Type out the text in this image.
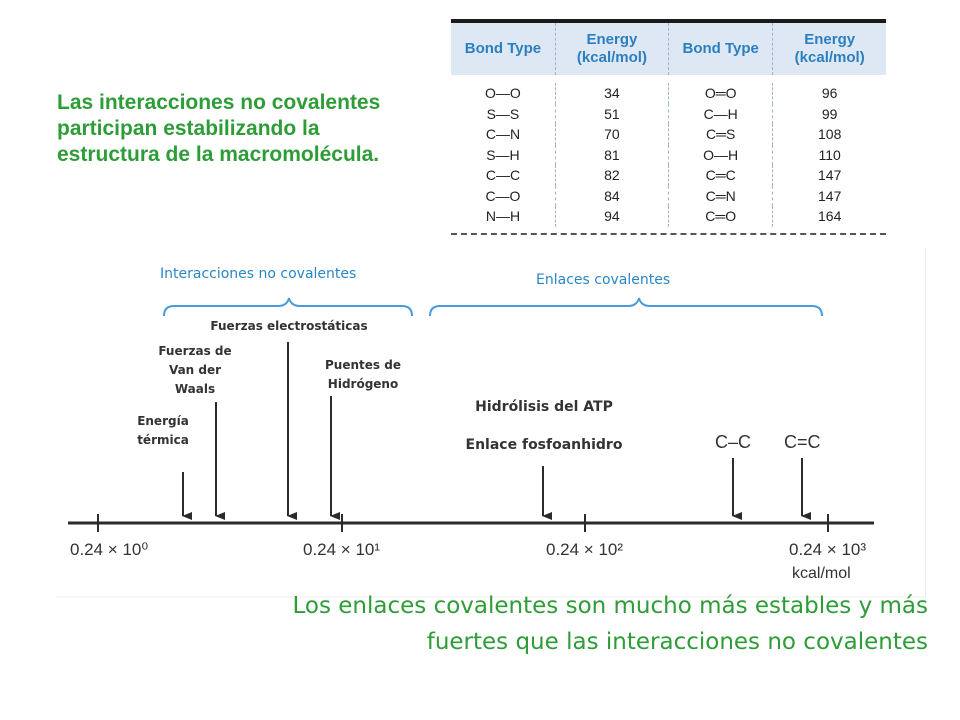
Las interacciones no covalentes participan estabilizando la estructura de la macromolécula.
Bond Type	Energy (kcal/mol)	Bond Type	Energy (kcal/mol)

O—O	34	O═O	96
S—S	51	C—H	99
C—N	70	C═S	108
S—H	81	O—H	110
C—C	82	C═C	147
C—O	84	C═N	147
N—H	94	C═O	164
Interacciones no covalentes	Enlaces covalentes
Energía térmica
Fuerzas de Van der Waals
Fuerzas electrostáticas
Puentes de Hidrógeno
Hidrólisis del ATP
Enlace fosfoanhidro	C–C C=C
0.24 × 10⁰	0.24 × 10¹	0.24 × 10²	0.24 × 10³
kcal/mol
Los enlaces covalentes son mucho más estables y más fuertes que las interacciones no covalentes
